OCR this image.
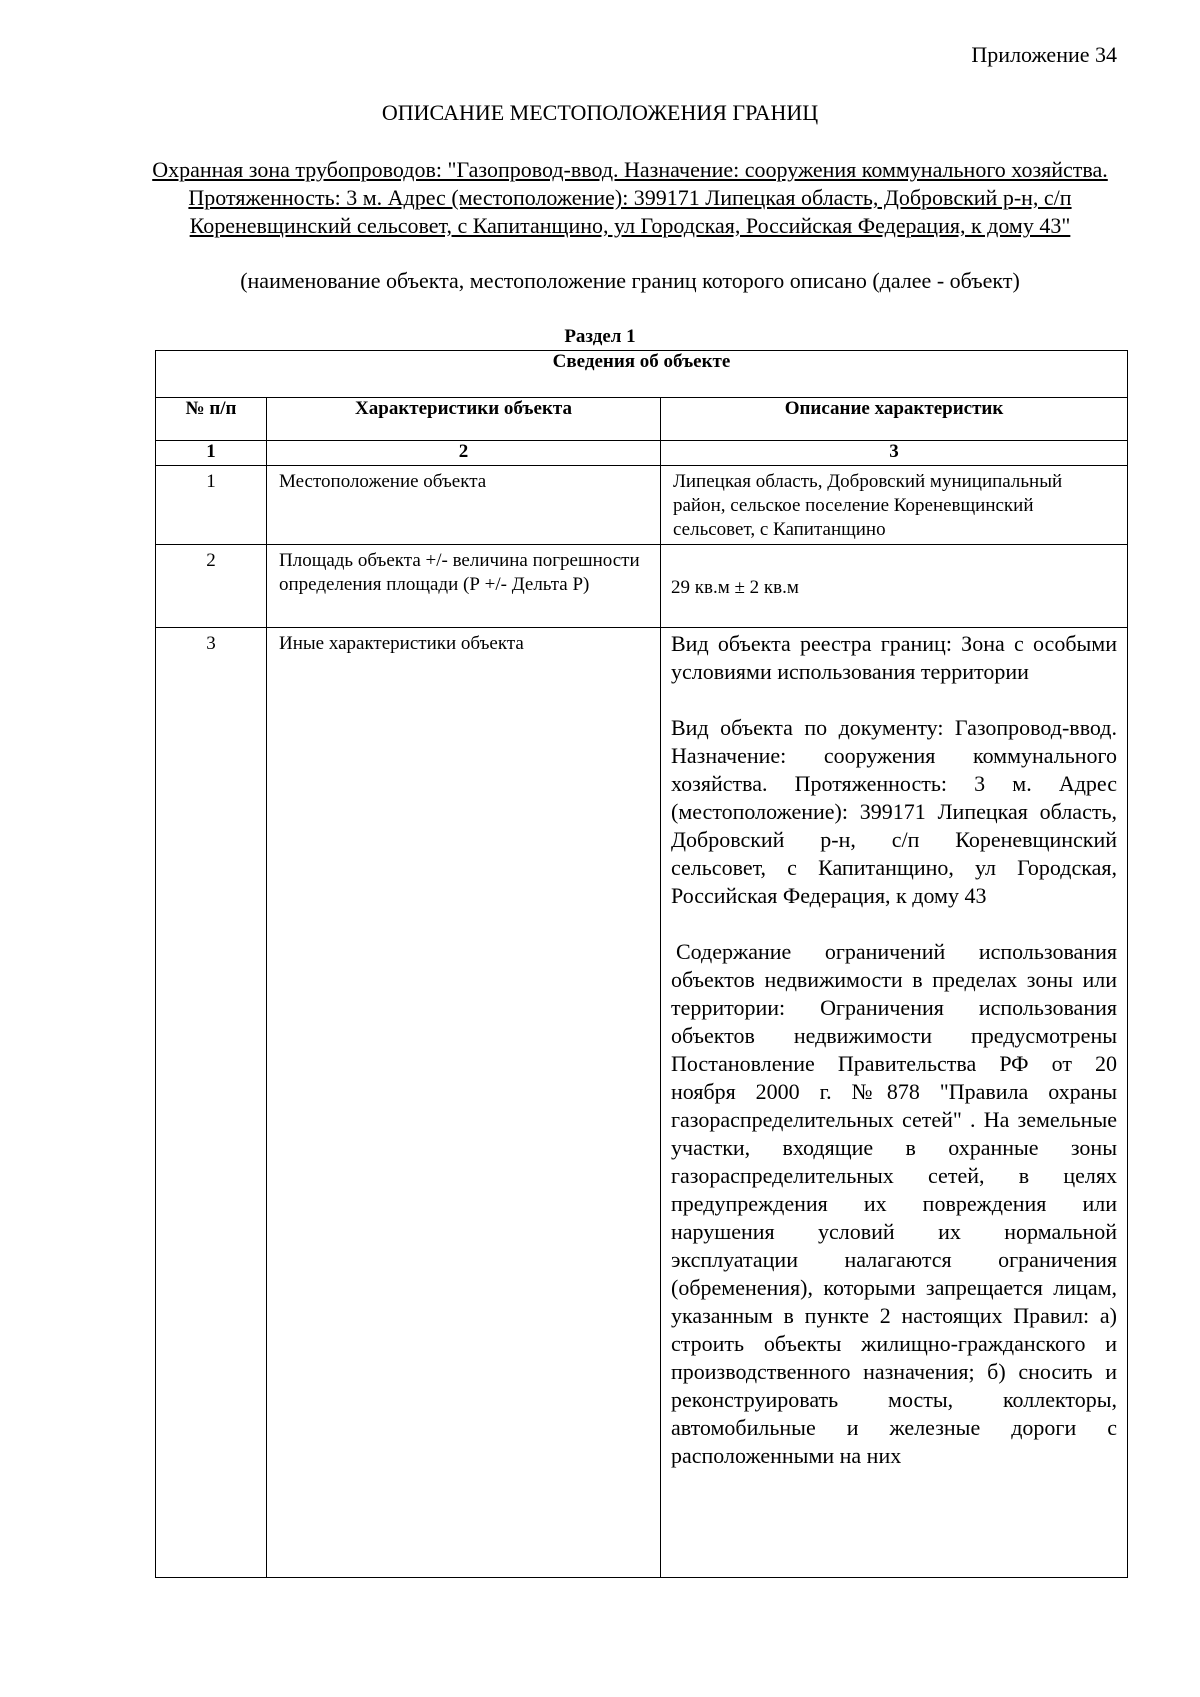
Приложение 34

ОПИСАНИЕ МЕСТОПОЛОЖЕНИЯ ГРАНИЦ

Охранная зона трубопроводов: "Газопровод-ввод. Назначение: сооружения коммунального хозяйства. Протяженность: 3 м. Адрес (местоположение): 399171 Липецкая область, Добровский р-н, с/п Кореневщинский сельсовет, с Капитанщино, ул Городская, Российская Федерация, к дому 43"

(наименование объекта, местоположение границ которого описано (далее - объект)

Раздел 1

Сведения об объекте		
№ п/п	Характеристики объекта	Описание характеристик
1	2	3
1	Местоположение объекта	Липецкая область, Добровский муниципальный район, сельское поселение Кореневщинский сельсовет, с Капитанщино
2	Площадь объекта +/- величина погрешности определения площади (Р +/- Дельта Р)	29 кв.м ± 2 кв.м
3	Иные характеристики объекта	Вид объекта реестра границ: Зона с особыми условиями использования территории

Вид объекта по документу: Газопровод-ввод. Назначение: сооружения коммунального хозяйства. Протяженность: 3 м. Адрес (местоположение): 399171 Липецкая область, Добровский р-н, с/п Кореневщинский сельсовет, с Капитанщино, ул Городская, Российская Федерация, к дому 43

Содержание ограничений использования объектов недвижимости в пределах зоны или территории: Ограничения использования объектов недвижимости предусмотрены Постановление Правительства РФ от 20 ноября 2000 г. №878 "Правила охраны газораспределительных сетей" . На земельные участки, входящие в охранные зоны газораспределительных сетей, в целях предупреждения их повреждения или нарушения условий их нормальной эксплуатации налагаются ограничения (обременения), которыми запрещается лицам, указанным в пункте 2 настоящих Правил: а) строить объекты жилищно-гражданского и производственного назначения; б) сносить и реконструировать мосты, коллекторы, автомобильные и железные дороги с расположенными на них
